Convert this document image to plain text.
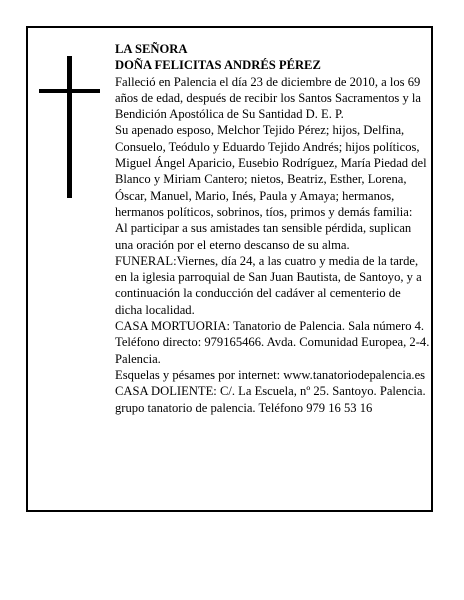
LA SEÑORA

DOÑA FELICITAS ANDRÉS PÉREZ

Falleció en Palencia el día 23 de diciembre de 2010, a los 69 años de edad, después de recibir los Santos Sacramentos y la Bendición Apostólica de Su Santidad D. E. P.

Su apenado esposo, Melchor Tejido Pérez; hijos, Delfina, Consuelo, Teódulo y Eduardo Tejido Andrés; hijos políticos, Miguel Ángel Aparicio, Eusebio Rodríguez, María Piedad del Blanco y Miriam Cantero; nietos, Beatriz, Esther, Lorena, Óscar, Manuel, Mario, Inés, Paula y Amaya; hermanos, hermanos políticos, sobrinos, tíos, primos y demás familia:

Al participar a sus amistades tan sensible pérdida, suplican una oración por el eterno descanso de su alma.

FUNERAL:Viernes, día 24, a las cuatro y media de la tarde, en la iglesia parroquial de San Juan Bautista, de Santoyo, y a continuación la conducción del cadáver al cementerio de dicha localidad.

CASA MORTUORIA: Tanatorio de Palencia. Sala número 4. Teléfono directo: 979165466. Avda. Comunidad Europea, 2-4. Palencia.

Esquelas y pésames por internet: www.tanatoriodepalencia.es

CASA DOLIENTE: C/. La Escuela, nº 25. Santoyo. Palencia.

grupo tanatorio de palencia. Teléfono 979 16 53 16
